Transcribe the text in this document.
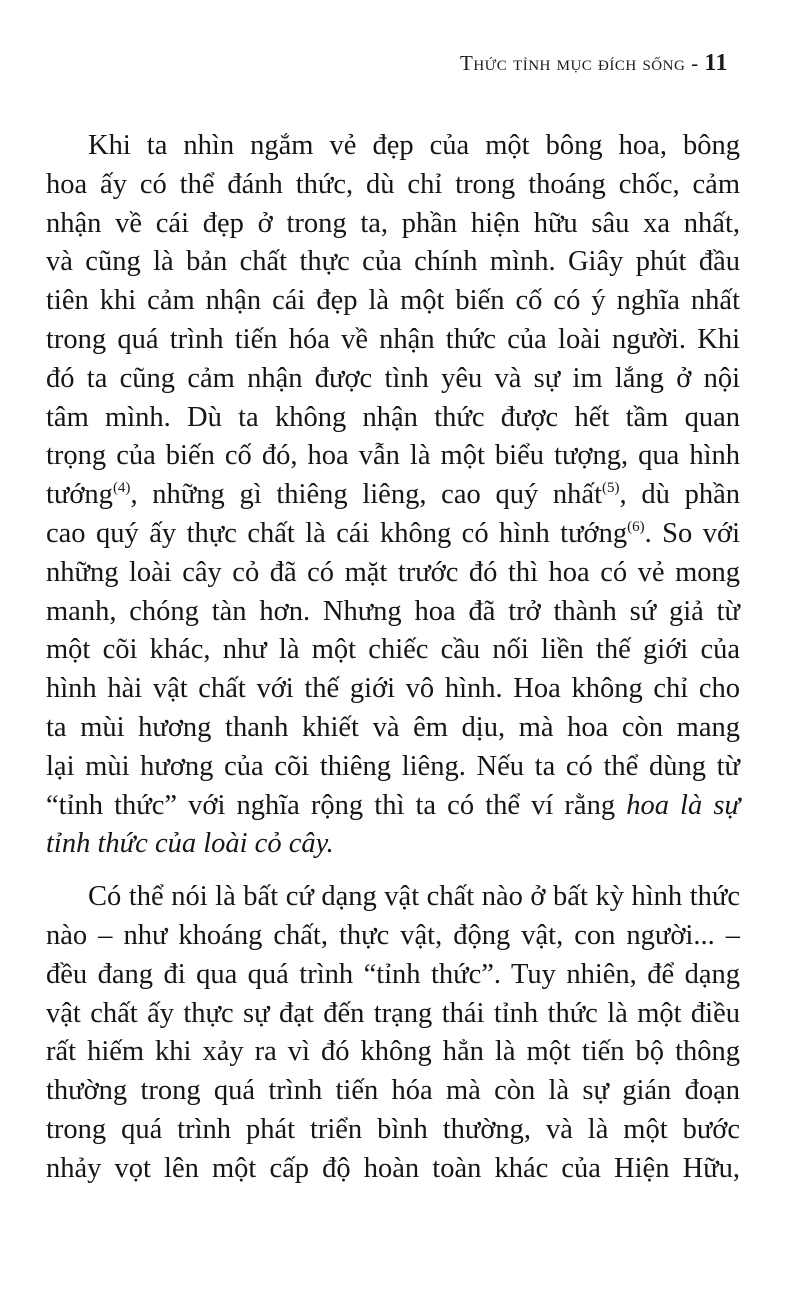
Thức tỉnh mục đích sống - 11
Khi ta nhìn ngắm vẻ đẹp của một bông hoa, bông
hoa ấy có thể đánh thức, dù chỉ trong thoáng chốc, cảm
nhận về cái đẹp ở trong ta, phần hiện hữu sâu xa nhất,
và cũng là bản chất thực của chính mình. Giây phút đầu
tiên khi cảm nhận cái đẹp là một biến cố có ý nghĩa nhất
trong quá trình tiến hóa về nhận thức của loài người. Khi
đó ta cũng cảm nhận được tình yêu và sự im lắng ở nội
tâm mình. Dù ta không nhận thức được hết tầm quan
trọng của biến cố đó, hoa vẫn là một biểu tượng, qua hình
tướng$^{(4)}$, những gì thiêng liêng, cao quý nhất$^{(5)}$, dù phần
cao quý ấy thực chất là cái không có hình tướng$^{(6)}$. So với
những loài cây cỏ đã có mặt trước đó thì hoa có vẻ mong
manh, chóng tàn hơn. Nhưng hoa đã trở thành sứ giả từ
một cõi khác, như là một chiếc cầu nối liền thế giới của
hình hài vật chất với thế giới vô hình. Hoa không chỉ cho
ta mùi hương thanh khiết và êm dịu, mà hoa còn mang
lại mùi hương của cõi thiêng liêng. Nếu ta có thể dùng từ
“tỉnh thức” với nghĩa rộng thì ta có thể ví rằng hoa là sự
tỉnh thức của loài cỏ cây.
Có thể nói là bất cứ dạng vật chất nào ở bất kỳ hình thức
nào – như khoáng chất, thực vật, động vật, con người... –
đều đang đi qua quá trình “tỉnh thức”. Tuy nhiên, để dạng
vật chất ấy thực sự đạt đến trạng thái tỉnh thức là một điều
rất hiếm khi xảy ra vì đó không hẳn là một tiến bộ thông
thường trong quá trình tiến hóa mà còn là sự gián đoạn
trong quá trình phát triển bình thường, và là một bước
nhảy vọt lên một cấp độ hoàn toàn khác của Hiện Hữu,
